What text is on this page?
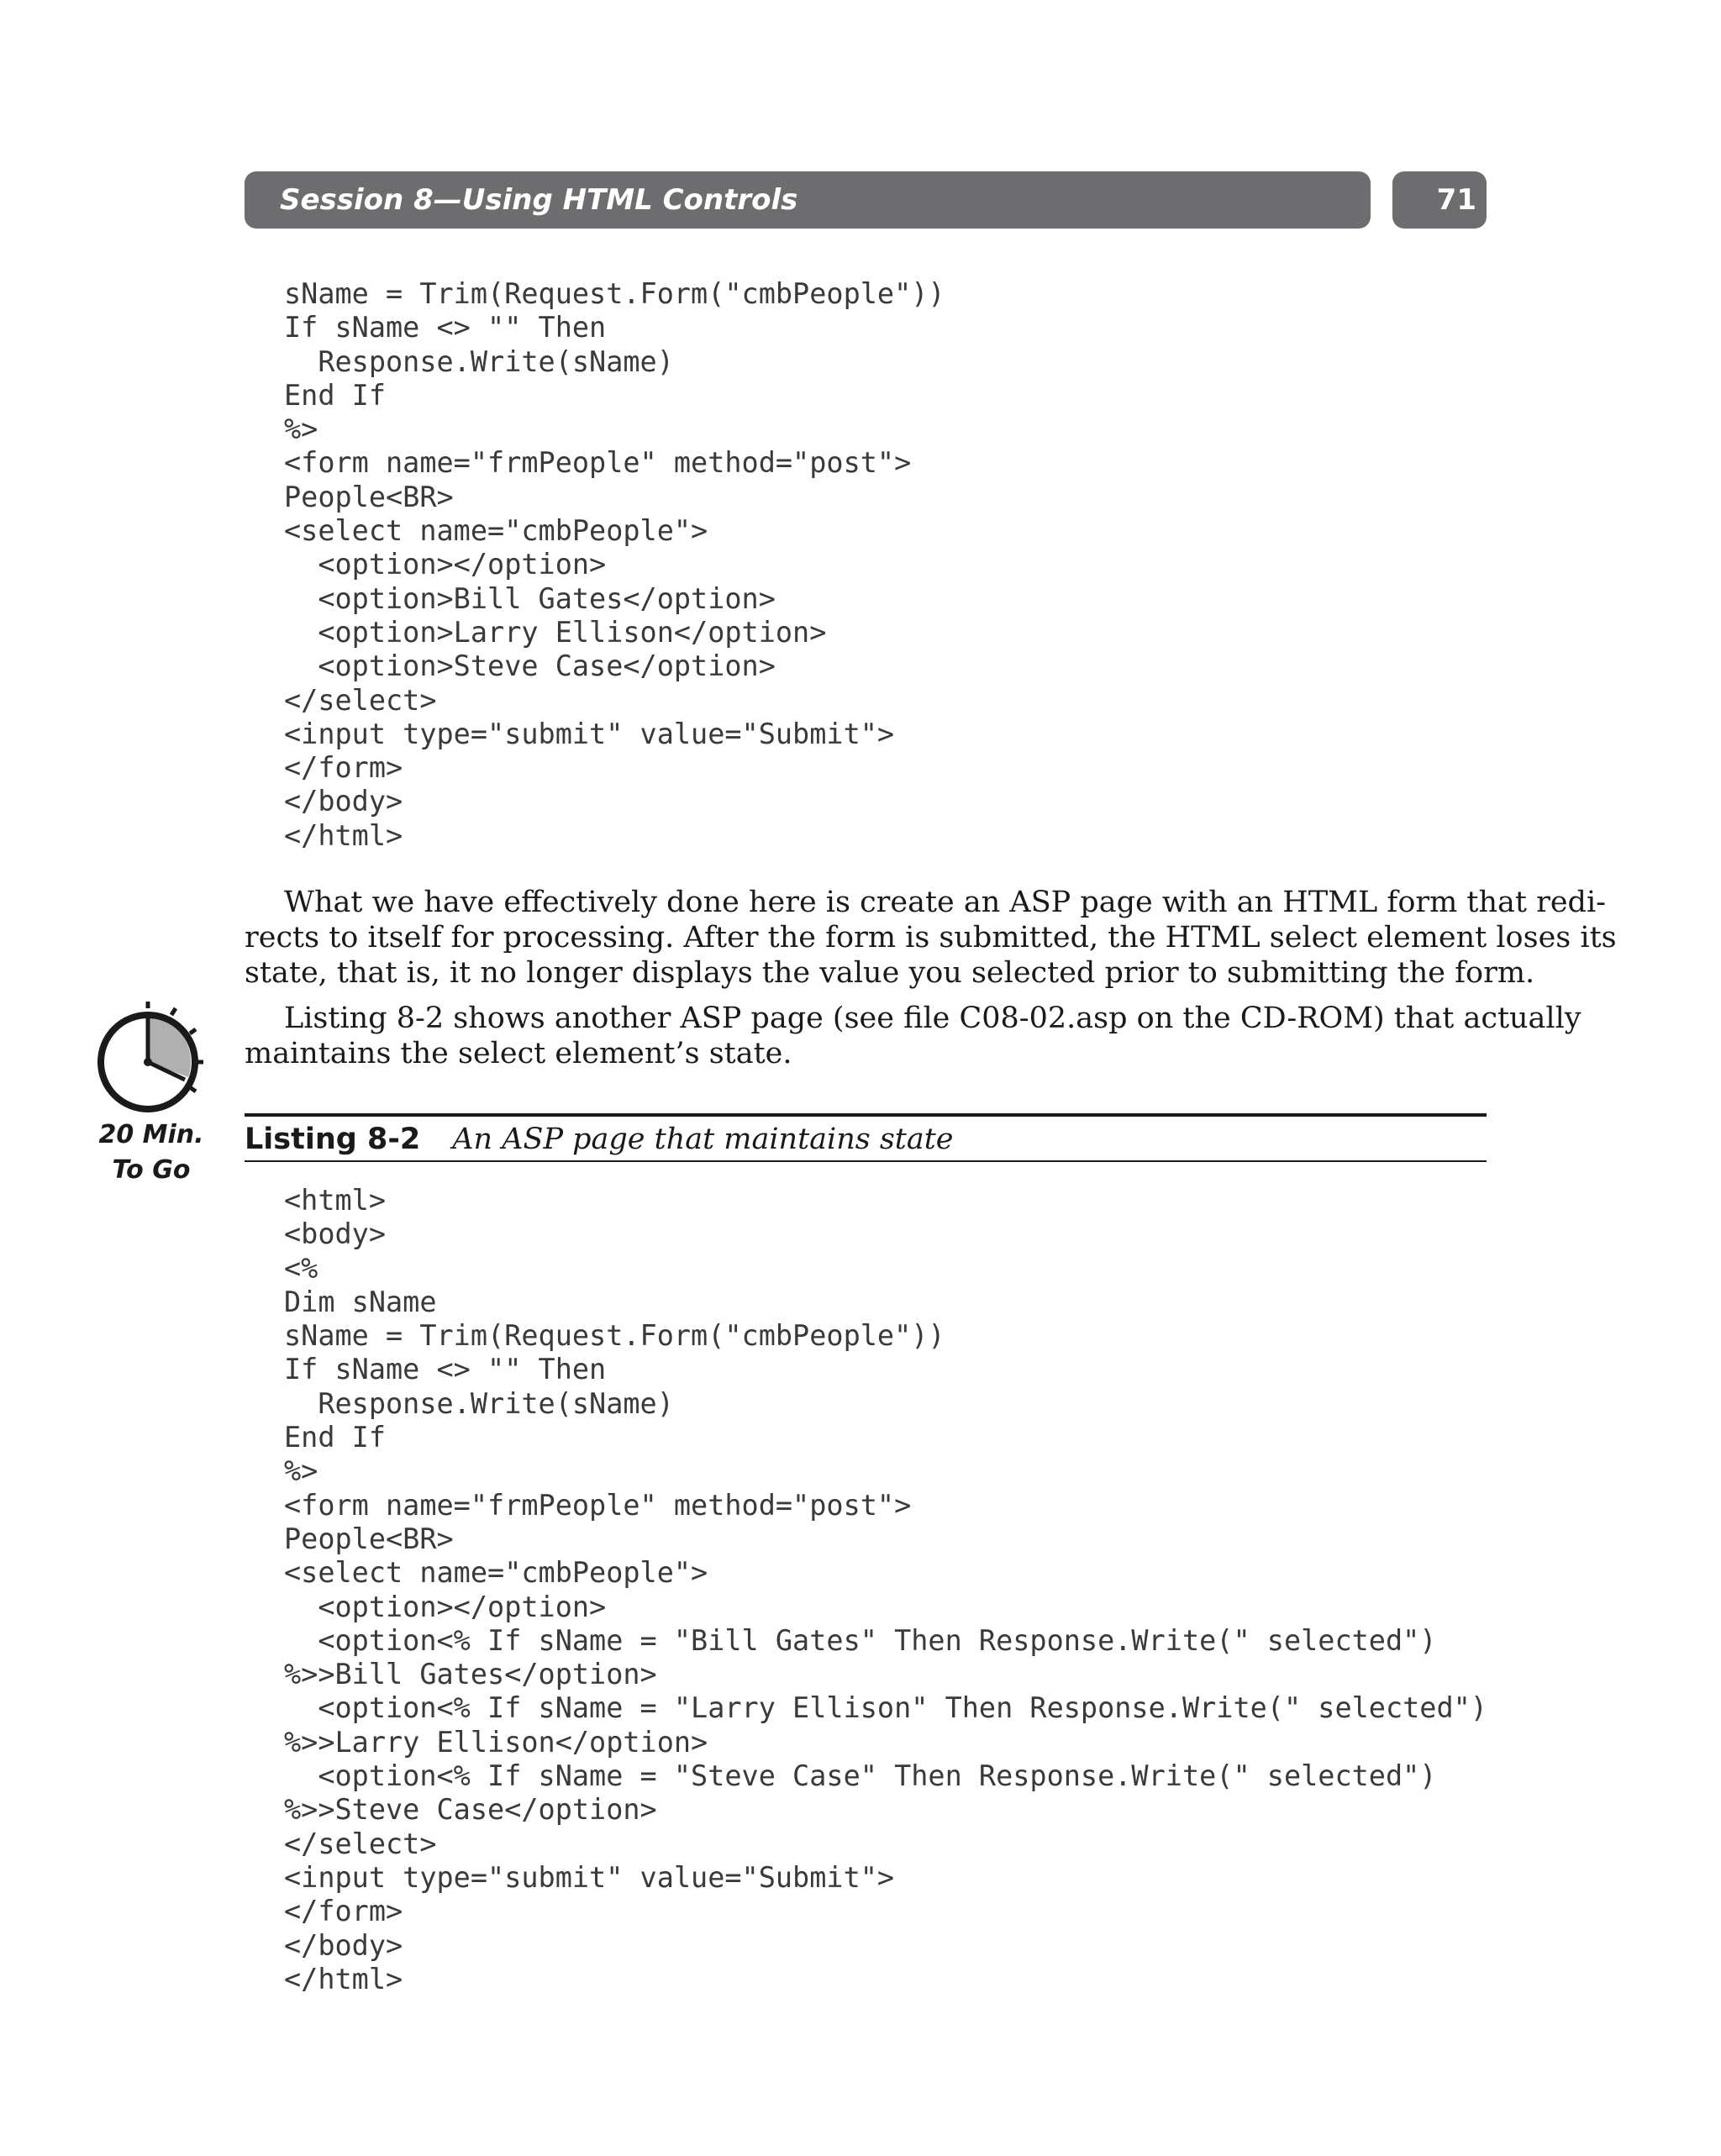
Session 8—Using HTML Controls	71
sName = Trim(Request.Form("cmbPeople"))
If sName <> "" Then
Response.Write(sName)
End If
%>
<form name="frmPeople" method="post">
People<BR>
<select name="cmbPeople">
<option></option>
<option>Bill Gates</option>
<option>Larry Ellison</option>
<option>Steve Case</option>
</select>
<input type="submit" value="Submit">
</form>
</body>
</html>
What we have effectively done here is create an ASP page with an HTML form that redi-
rects to itself for processing. After the form is submitted, the HTML select element loses its
state, that is, it no longer displays the value you selected prior to submitting the form.
Listing 8-2 shows another ASP page (see file C08-02.asp on the CD-ROM) that actually
maintains the select element’s state.
20 Min.
To Go
Listing 8-2 An ASP page that maintains state
<html>
<body>
<%
Dim sName
sName = Trim(Request.Form("cmbPeople"))
If sName <> "" Then
Response.Write(sName)
End If
%>
<form name="frmPeople" method="post">
People<BR>
<select name="cmbPeople">
<option></option>
<option<% If sName = "Bill Gates" Then Response.Write(" selected")
%>>Bill Gates</option>
<option<% If sName = "Larry Ellison" Then Response.Write(" selected")
%>>Larry Ellison</option>
<option<% If sName = "Steve Case" Then Response.Write(" selected")
%>>Steve Case</option>
</select>
<input type="submit" value="Submit">
</form>
</body>
</html>
